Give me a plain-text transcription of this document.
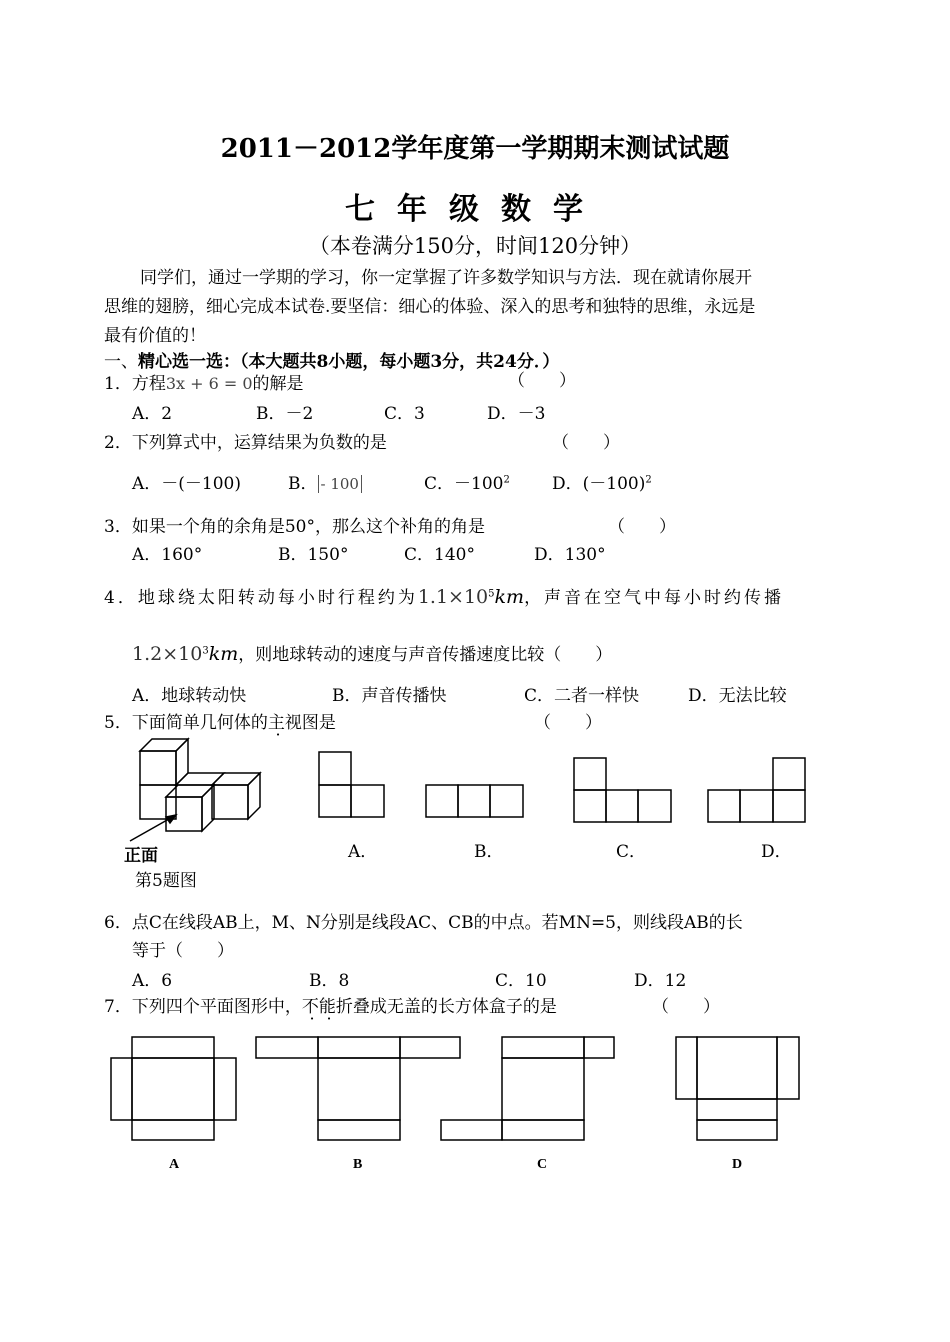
2011－2012学年度第一学期期末测试试题
七年级数学
（本卷满分150分，时间120分钟）
同学们，通过一学期的学习，你一定掌握了许多数学知识与方法．现在就请你展开
思维的翅膀，细心完成本试卷.要坚信：细心的体验、深入的思考和独特的思维，永远是
最有价值的！
一、精心选一选：（本大题共8小题，每小题3分，共24分．）
1．方程3x + 6 = 0的解是	（　　）
A．2	B．－2	C．3	D．－3
2．下列算式中，运算结果为负数的是	（　　）
A．－(－100)	B． - 100	C．$-100^2$ D．$(-100)^2$
3．如果一个角的余角是50°，那么这个补角的角是	（　　）
A．160°	B．150°	C．140°	D．130°
4．地球绕太阳转动每小时行程约为$1.1\times 10^5km$，声音在空气中每小时约传播
$1.2\times 10^3km$，则地球转动的速度与声音传播速度比较（　　）
A．地球转动快	B．声音传播快	C．二者一样快	D．无法比较
5．下面简单几何体的主视图是	（　　）
正面
第5题图
A．	B．	C．	D．
6．点C在线段AB上，M、N分别是线段AC、CB的中点。若MN=5，则线段AB的长
等于（　　）
A．6	B．8	C．10	D．12
7．下列四个平面图形中，不能折叠成无盖的长方体盒子的是	（　　）
A	B	C	D
